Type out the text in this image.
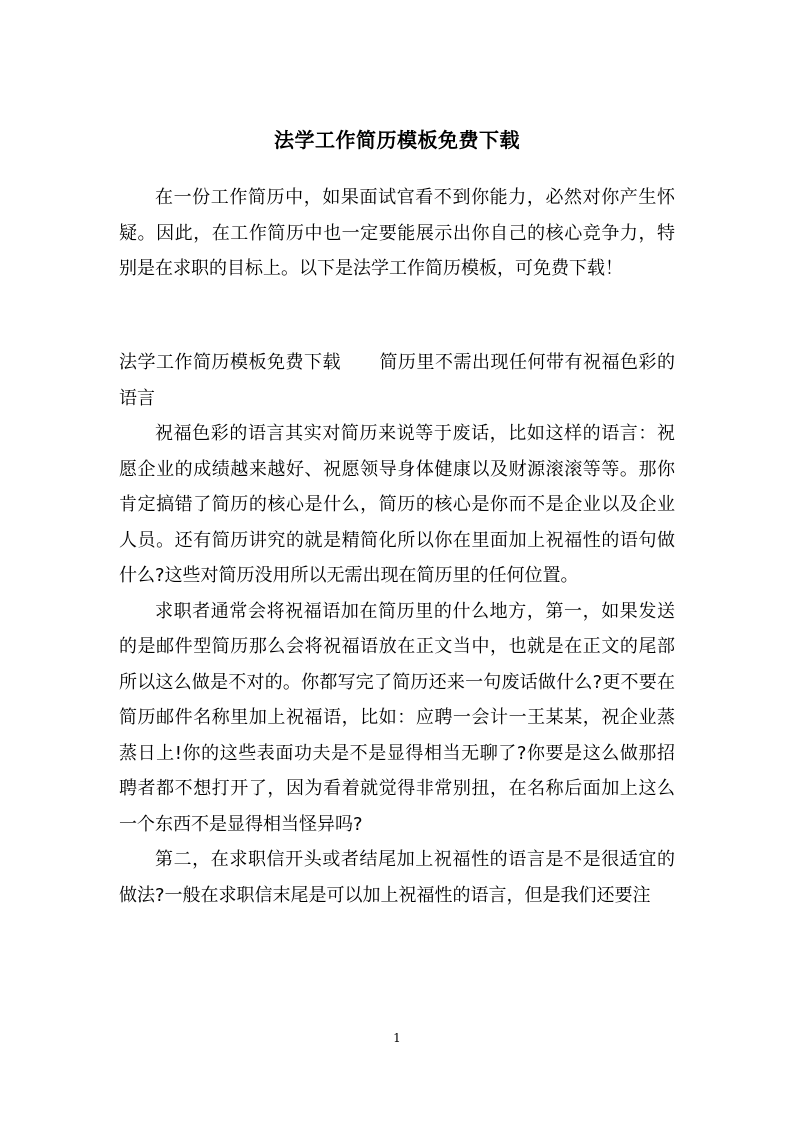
法学工作简历模板免费下载

在一份工作简历中，如果面试官看不到你能力，必然对你产生怀疑。因此，在工作简历中也一定要能展示出你自己的核心竞争力，特别是在求职的目标上。以下是法学工作简历模板，可免费下载！

法学工作简历模板免费下载 简历里不需出现任何带有祝福色彩的语言

祝福色彩的语言其实对简历来说等于废话，比如这样的语言：祝愿企业的成绩越来越好、祝愿领导身体健康以及财源滚滚等等。那你肯定搞错了简历的核心是什么，简历的核心是你而不是企业以及企业人员。还有简历讲究的就是精简化所以你在里面加上祝福性的语句做什么?这些对简历没用所以无需出现在简历里的任何位置。

求职者通常会将祝福语加在简历里的什么地方，第一，如果发送的是邮件型简历那么会将祝福语放在正文当中，也就是在正文的尾部所以这么做是不对的。你都写完了简历还来一句废话做什么?更不要在简历邮件名称里加上祝福语，比如：应聘一会计一王某某，祝企业蒸蒸日上!你的这些表面功夫是不是显得相当无聊了?你要是这么做那招聘者都不想打开了，因为看着就觉得非常别扭，在名称后面加上这么一个东西不是显得相当怪异吗?

第二，在求职信开头或者结尾加上祝福性的语言是不是很适宜的做法?一般在求职信末尾是可以加上祝福性的语言，但是我们还要注

1
